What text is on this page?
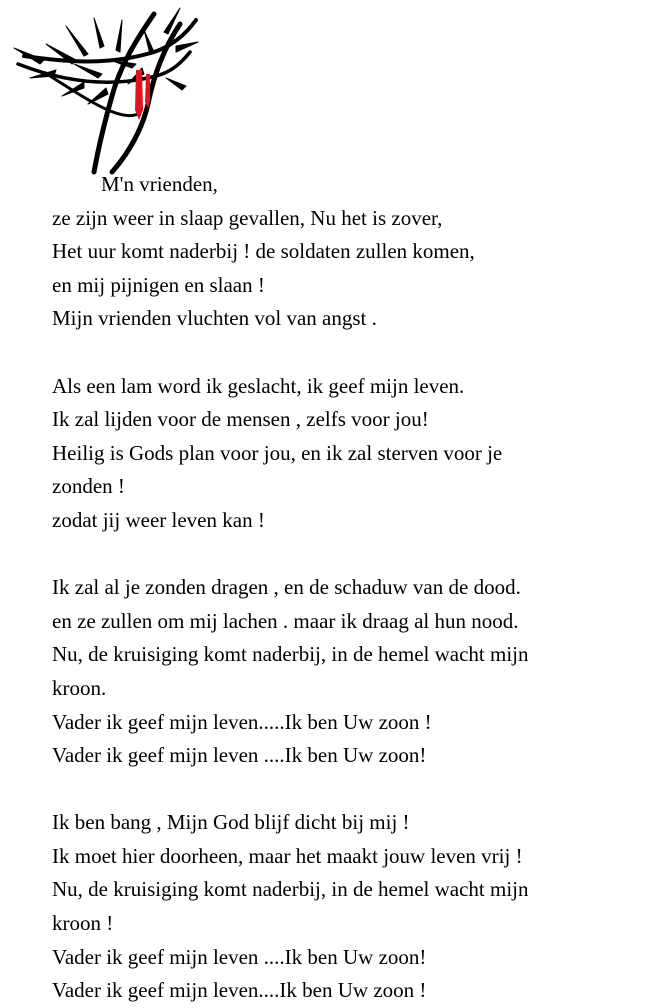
M'n vrienden,
ze zijn weer in slaap gevallen, Nu het is zover,
Het uur komt naderbij ! de soldaten zullen komen,
en mij pijnigen en slaan !
Mijn vrienden vluchten vol van angst .
Als een lam word ik geslacht, ik geef mijn leven.
Ik zal lijden voor de mensen , zelfs voor jou!
Heilig is Gods plan voor jou, en ik zal sterven voor je
zonden !
zodat jij weer leven kan !
Ik zal al je zonden dragen , en de schaduw van de dood.
en ze zullen om mij lachen . maar ik draag al hun nood.
Nu, de kruisiging komt naderbij, in de hemel wacht mijn
kroon.
Vader ik geef mijn leven.....Ik ben Uw zoon !
Vader ik geef mijn leven ....Ik ben Uw zoon!
Ik ben bang , Mijn God blijf dicht bij mij !
Ik moet hier doorheen, maar het maakt jouw leven vrij !
Nu, de kruisiging komt naderbij, in de hemel wacht mijn
kroon !
Vader ik geef mijn leven ....Ik ben Uw zoon!
Vader ik geef mijn leven....Ik ben Uw zoon !
